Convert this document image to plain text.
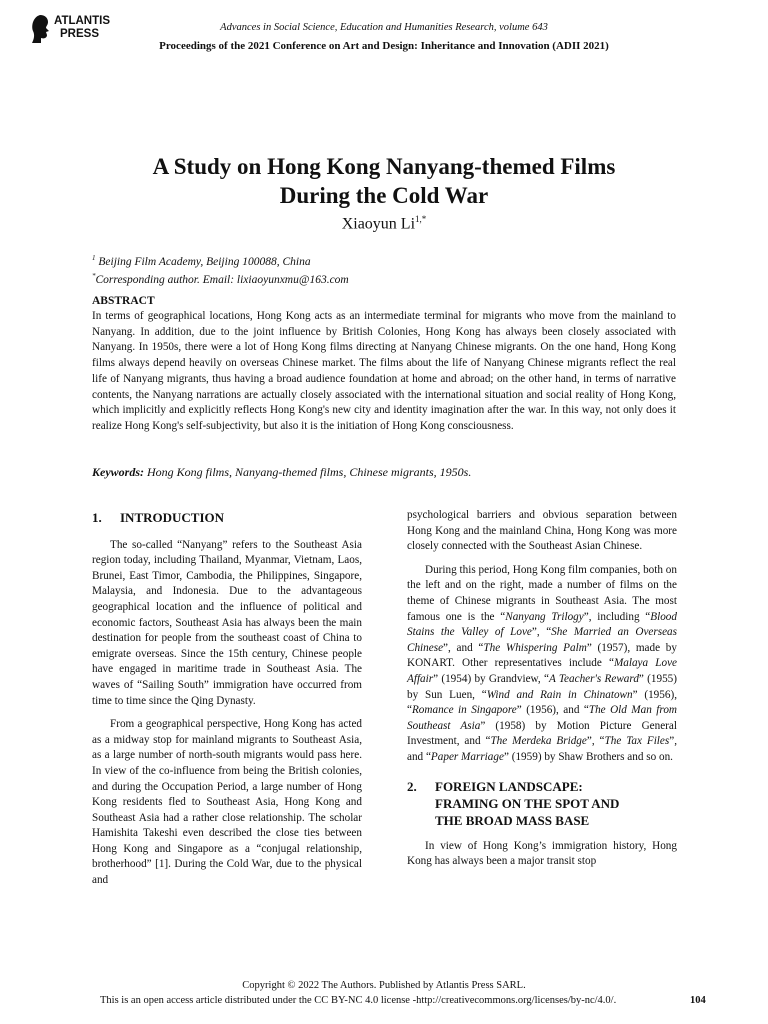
ATLANTIS
PRESS
Advances in Social Science, Education and Humanities Research, volume 643
Proceedings of the 2021 Conference on Art and Design: Inheritance and Innovation (ADII 2021)
A Study on Hong Kong Nanyang-themed Films
During the Cold War
Xiaoyun $Li^{1,*}$
$^1$ Beijing Film Academy, Beijing 100088, China
*Corresponding author. Email: lixiaoyunxmu@163.com
ABSTRACT
In terms of geographical locations, Hong Kong acts as an intermediate terminal for migrants who move from the mainland to Nanyang. In addition, due to the joint influence by British Colonies, Hong Kong has always been closely associated with Nanyang. In 1950s, there were a lot of Hong Kong films directing at Nanyang Chinese migrants. On the one hand, Hong Kong films always depend heavily on overseas Chinese market. The films about the life of Nanyang Chinese migrants reflect the real life of Nanyang migrants, thus having a broad audience foundation at home and abroad; on the other hand, in terms of narrative contents, the Nanyang narrations are actually closely associated with the international situation and social reality of Hong Kong, which implicitly and explicitly reflects Hong Kong's new city and identity imagination after the war. In this way, not only does it realize Hong Kong's self-subjectivity, but also it is the initiation of Hong Kong consciousness.
Keywords: Hong Kong films, Nanyang-themed films, Chinese migrants, 1950s.
1.	INTRODUCTION

The so-called “Nanyang” refers to the Southeast Asia region today, including Thailand, Myanmar, Vietnam, Laos, Brunei, East Timor, Cambodia, the Philippines, Singapore, Malaysia, and Indonesia. Due to the advantageous geographical location and the influence of political and economic factors, Southeast Asia has always been the main destination for people from the southeast coast of China to emigrate overseas. Since the 15th century, Chinese people have engaged in maritime trade in Southeast Asia. The waves of “Sailing South” immigration have occurred from time to time since the Qing Dynasty.

From a geographical perspective, Hong Kong has acted as a midway stop for mainland migrants to Southeast Asia, as a large number of north-south migrants would pass here. In view of the co-influence from being the British colonies, and during the Occupation Period, a large number of Hong Kong residents fled to Southeast Asia, Hong Kong and Southeast Asia had a rather close relationship. The scholar Hamishita Takeshi even described the close ties between Hong Kong and Singapore as a “conjugal relationship, brotherhood” [1]. During the Cold War, due to the physical and

psychological barriers and obvious separation between Hong Kong and the mainland China, Hong Kong was more closely connected with the Southeast Asian Chinese.

During this period, Hong Kong film companies, both on the left and on the right, made a number of films on the theme of Chinese migrants in Southeast Asia. The most famous one is the “Nanyang Trilogy”, including “Blood Stains the Valley of Love”, “She Married an Overseas Chinese”, and “The Whispering Palm” (1957), made by KONART. Other representatives include “Malaya Love Affair” (1954) by Grandview, “A Teacher's Reward” (1955) by Sun Luen, “Wind and Rain in Chinatown” (1956), “Romance in Singapore” (1956), and “The Old Man from Southeast Asia” (1958) by Motion Picture General Investment, and “The Merdeka Bridge”, “The Tax Files”, and “Paper Marriage” (1959) by Shaw Brothers and so on.

2.	FOREIGN LANDSCAPE:
FRAMING ON THE SPOT AND
THE BROAD MASS BASE

In view of Hong Kong’s immigration history, Hong Kong has always been a major transit stop

Copyright © 2022 The Authors. Published by Atlantis Press SARL.
This is an open access article distributed under the CC BY-NC 4.0 license -http://creativecommons.org/licenses/by-nc/4.0/.	104
